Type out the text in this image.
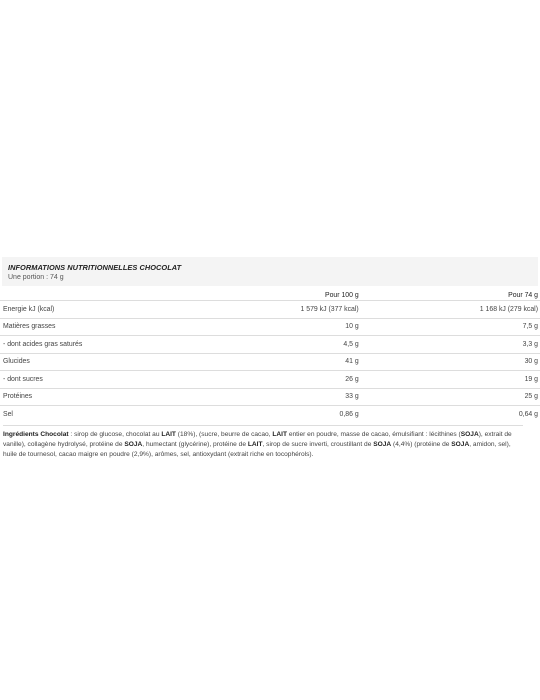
INFORMATIONS NUTRITIONNELLES CHOCOLAT
Une portion : 74 g
	Pour 100 g	Pour 74 g
Energie kJ (kcal)	1 579 kJ (377 kcal)	1 168 kJ (279 kcal)
Matières grasses	10 g	7,5 g
- dont acides gras saturés	4,5 g	3,3 g
Glucides	41 g	30 g
- dont sucres	26 g	19 g
Protéines	33 g	25 g
Sel	0,86 g	0,64 g
Ingrédients Chocolat : sirop de glucose, chocolat au LAIT (18%), (sucre, beurre de cacao, LAIT entier en poudre, masse de cacao, émulsifiant : lécithines (SOJA), extrait de vanille), collagène hydrolysé, protéine de SOJA, humectant (glycérine), protéine de LAIT, sirop de sucre inverti, croustillant de SOJA (4,4%) (protéine de SOJA, amidon, sel), huile de tournesol, cacao maigre en poudre (2,9%), arômes, sel, antioxydant (extrait riche en tocophérols).
